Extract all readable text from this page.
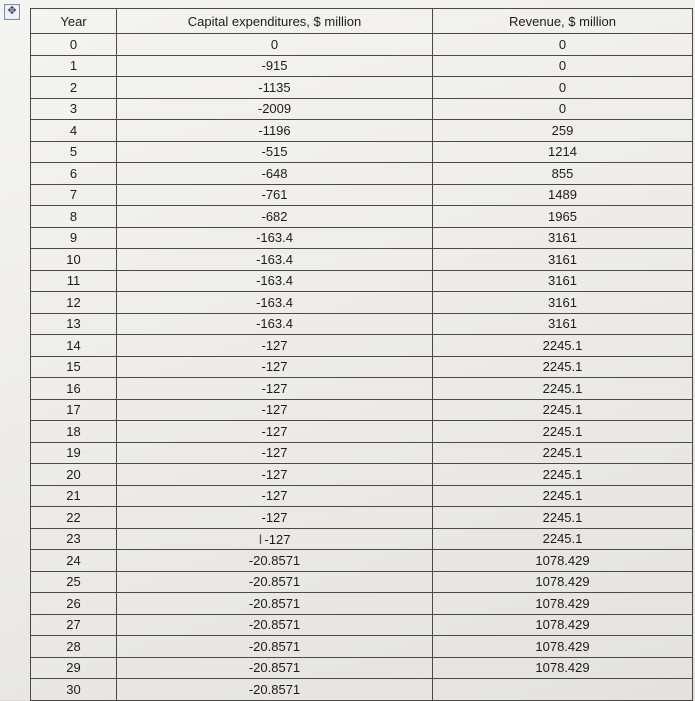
✥
Year	Capital expenditures, $ million	Revenue, $ million
0	0	0
1	-915	0
2	-1135	0
3	-2009	0
4	-1196	259
5	-515	1214
6	-648	855
7	-761	1489
8	-682	1965
9	-163.4	3161
10	-163.4	3161
11	-163.4	3161
12	-163.4	3161
13	-163.4	3161
14	-127	2245.1
15	-127	2245.1
16	-127	2245.1
17	-127	2245.1
18	-127	2245.1
19	-127	2245.1
20	-127	2245.1
21	-127	2245.1
22	-127	2245.1
23	I -127	2245.1
24	-20.8571	1078.429
25	-20.8571	1078.429
26	-20.8571	1078.429
27	-20.8571	1078.429
28	-20.8571	1078.429
29	-20.8571	1078.429
30	-20.8571	
